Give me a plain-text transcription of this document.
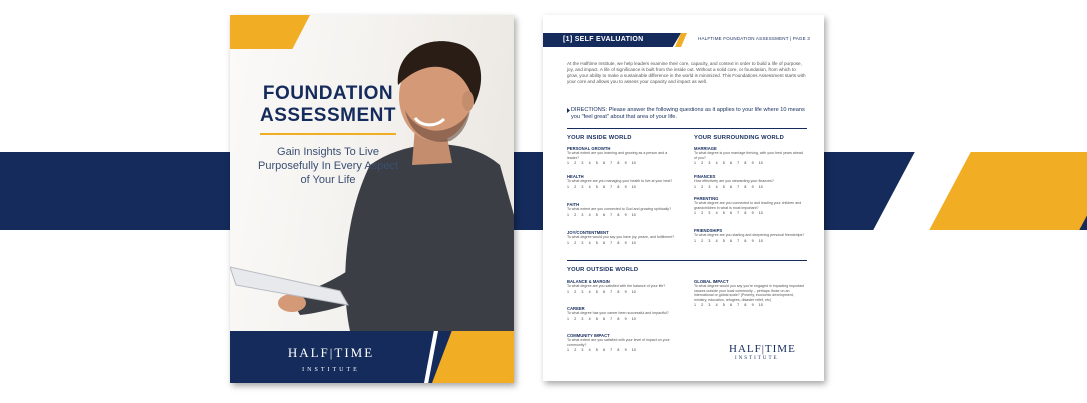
FOUNDATION
ASSESSMENT
Gain Insights To Live Purposefully In Every Aspect of Your Life
HALF|TIME
INSTITUTE
[1] SELF EVALUATION	HALFTIME FOUNDATION ASSESSMENT | PAGE 3
At the Halftime Institute, we help leaders examine their core, capacity, and context in order to build a life of purpose, joy, and impact. A life of significance is built from the inside out. Without a solid core, or foundation, from which to grow, your ability to make a sustainable difference in the world is minimized. This Foundations Assessment starts with your core and allows you to assess your capacity and impact as well.
DIRECTIONS: Please answer the following questions as it applies to your life where 10 means you "feel great" about that area of your life.
YOUR INSIDE WORLD	YOUR SURROUNDING WORLD
PERSONAL GROWTH
To what extent are you learning and growing as a person and a leader?
1 2 3 4 5 6 7 8 9 10
HEALTH
To what degree are you managing your health to live at your best?
1 2 3 4 5 6 7 8 9 10
FAITH
To what extent are you connected to God and growing spiritually?
1 2 3 4 5 6 7 8 9 10
JOY/CONTENTMENT
To what degree would you say you have joy, peace, and fulfillment?
1 2 3 4 5 6 7 8 9 10
MARRIAGE
To what degree is your marriage thriving, with your best years ahead of you?
1 2 3 4 5 6 7 8 9 10
FINANCES
How effectively are you stewarding your finances?
1 2 3 4 5 6 7 8 9 10
PARENTING
To what degree are you connected to and leading your children and grandchildren in what is most important?
1 2 3 4 5 6 7 8 9 10
FRIENDSHIPS
To what degree are you starting and deepening personal friendships?
1 2 3 4 5 6 7 8 9 10
YOUR OUTSIDE WORLD
BALANCE & MARGIN
To what degree are you satisfied with the balance of your life?
1 2 3 4 5 6 7 8 9 10
CAREER
To what degree has your career been successful and impactful?
1 2 3 4 5 6 7 8 9 10
COMMUNITY IMPACT
To what extent are you satisfied with your level of impact on your community?
1 2 3 4 5 6 7 8 9 10
GLOBAL IMPACT
To what degree would you say you're engaged in impacting important causes outside your local community – perhaps those on an international or global scale? (Poverty, economic development, ministry, education, refugees, disaster relief, etc)
1 2 3 4 5 6 7 8 9 10
HALF|TIME
INSTITUTE
